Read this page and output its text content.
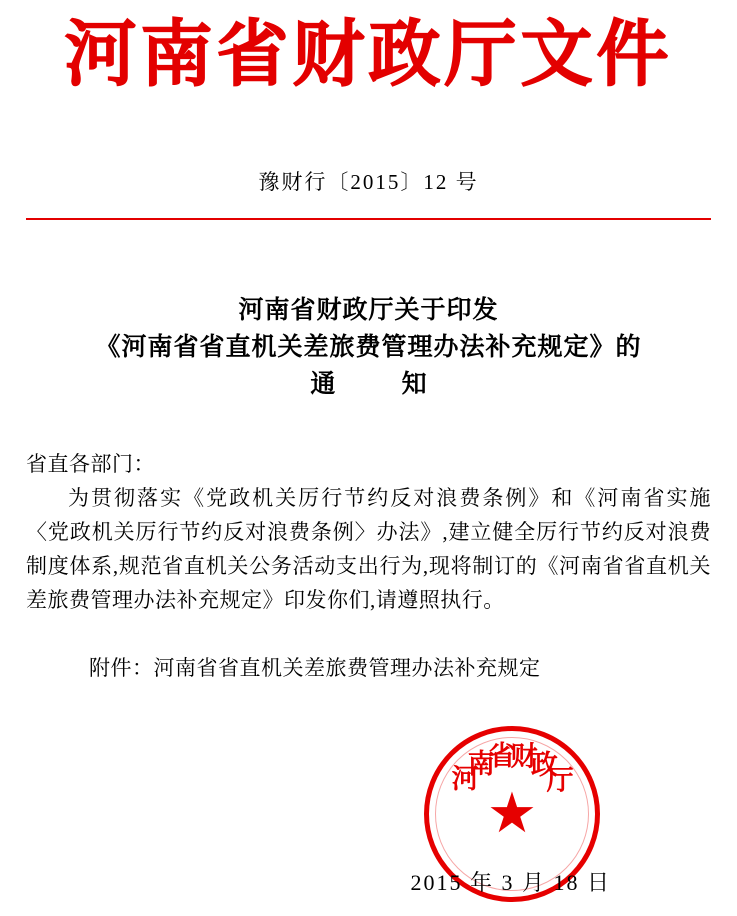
河南省财政厅文件
豫财行〔2015〕12 号
河南省财政厅关于印发
《河南省省直机关差旅费管理办法补充规定》的
通 知

省直各部门：

为贯彻落实《党政机关厉行节约反对浪费条例》和《河南省实施〈党政机关厉行节约反对浪费条例〉办法》,建立健全厉行节约反对浪费制度体系,规范省直机关公务活动支出行为,现将制订的《河南省省直机关差旅费管理办法补充规定》印发你们,请遵照执行。

附件：河南省省直机关差旅费管理办法补充规定
河
南
省
财
政
厅
★
2015 年 3 月 18 日
